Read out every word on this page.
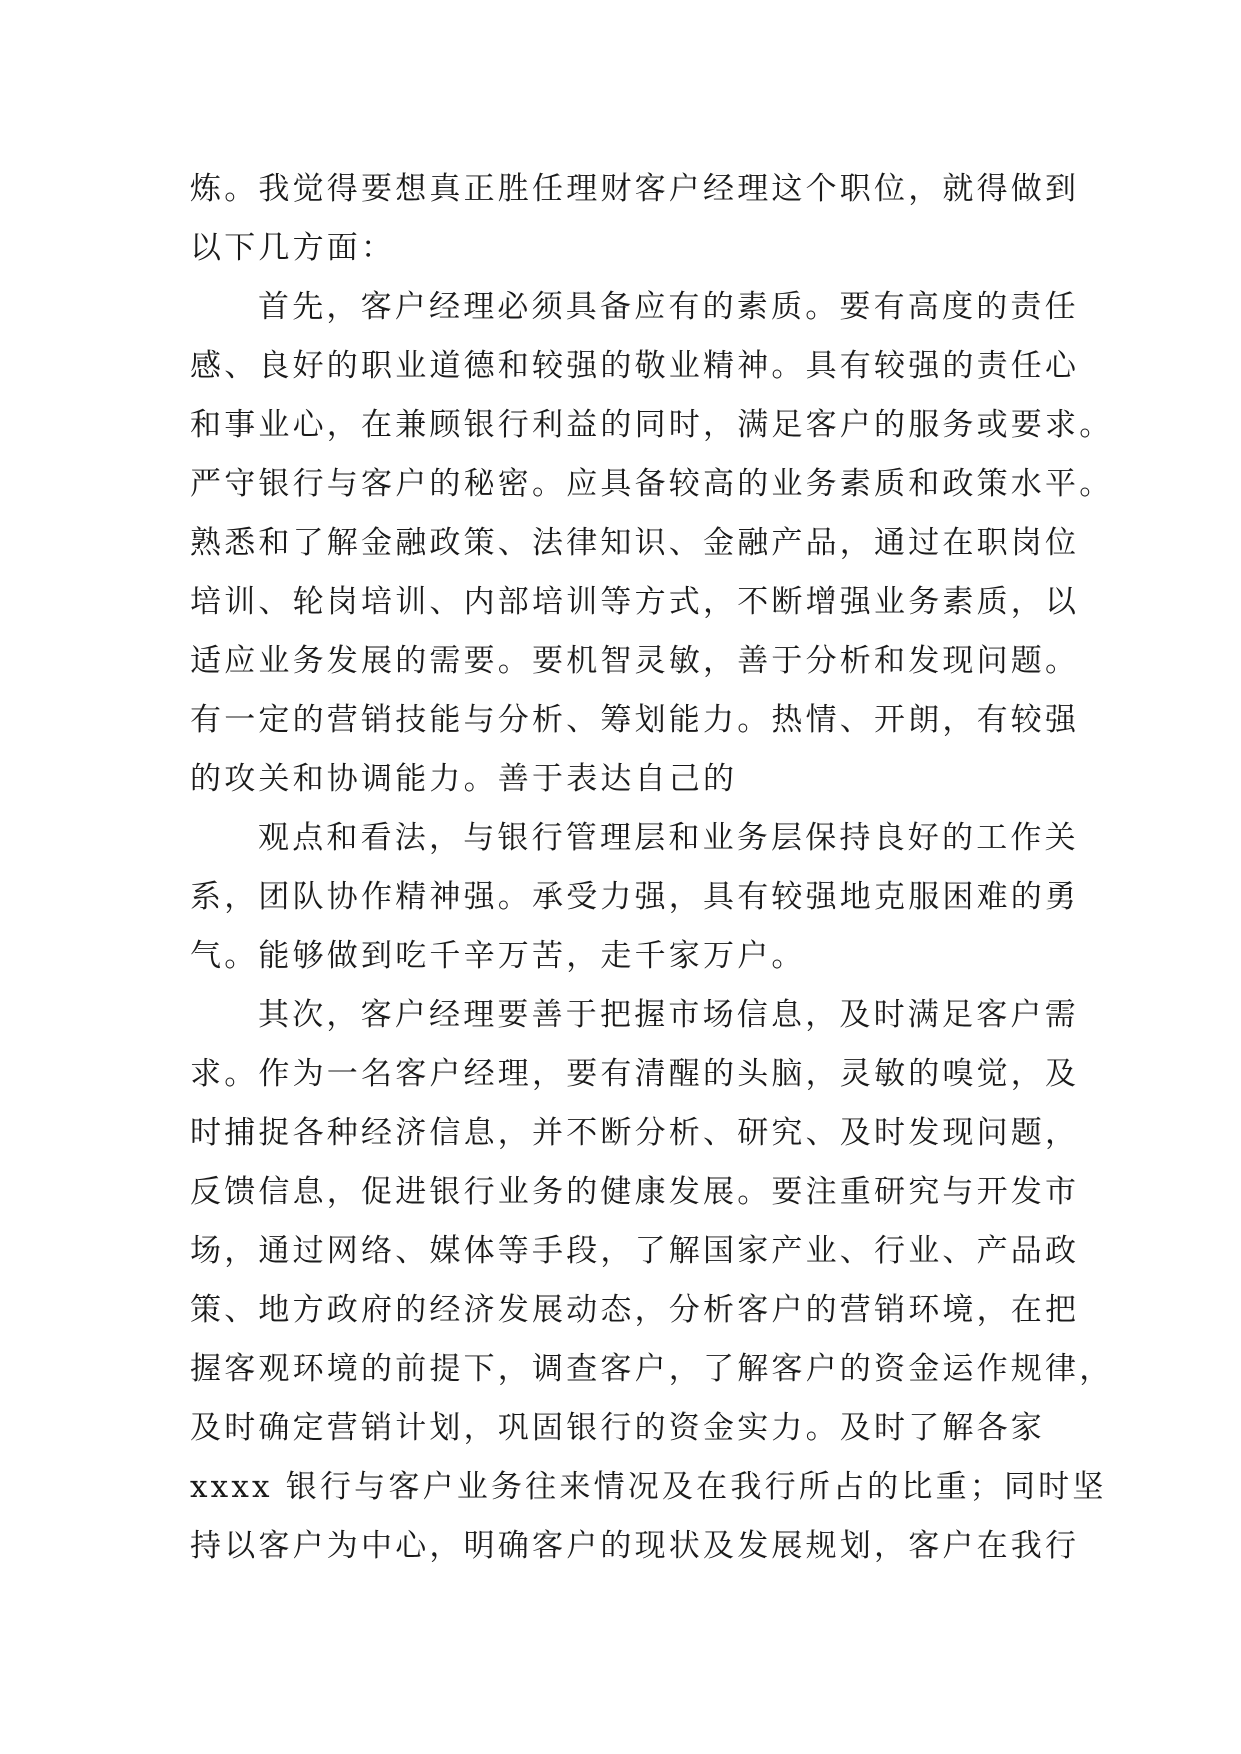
炼。我觉得要想真正胜任理财客户经理这个职位，就得做到
以下几方面：
首先，客户经理必须具备应有的素质。要有高度的责任
感、良好的职业道德和较强的敬业精神。具有较强的责任心
和事业心，在兼顾银行利益的同时，满足客户的服务或要求。
严守银行与客户的秘密。应具备较高的业务素质和政策水平。
熟悉和了解金融政策、法律知识、金融产品，通过在职岗位
培训、轮岗培训、内部培训等方式，不断增强业务素质，以
适应业务发展的需要。要机智灵敏，善于分析和发现问题。
有一定的营销技能与分析、筹划能力。热情、开朗，有较强
的攻关和协调能力。善于表达自己的
观点和看法，与银行管理层和业务层保持良好的工作关
系，团队协作精神强。承受力强，具有较强地克服困难的勇
气。能够做到吃千辛万苦，走千家万户。
其次，客户经理要善于把握市场信息，及时满足客户需
求。作为一名客户经理，要有清醒的头脑，灵敏的嗅觉，及
时捕捉各种经济信息，并不断分析、研究、及时发现问题，
反馈信息，促进银行业务的健康发展。要注重研究与开发市
场，通过网络、媒体等手段，了解国家产业、行业、产品政
策、地方政府的经济发展动态，分析客户的营销环境，在把
握客观环境的前提下，调查客户，了解客户的资金运作规律，
及时确定营销计划，巩固银行的资金实力。及时了解各家
xxxx 银行与客户业务往来情况及在我行所占的比重；同时坚
持以客户为中心，明确客户的现状及发展规划，客户在我行
